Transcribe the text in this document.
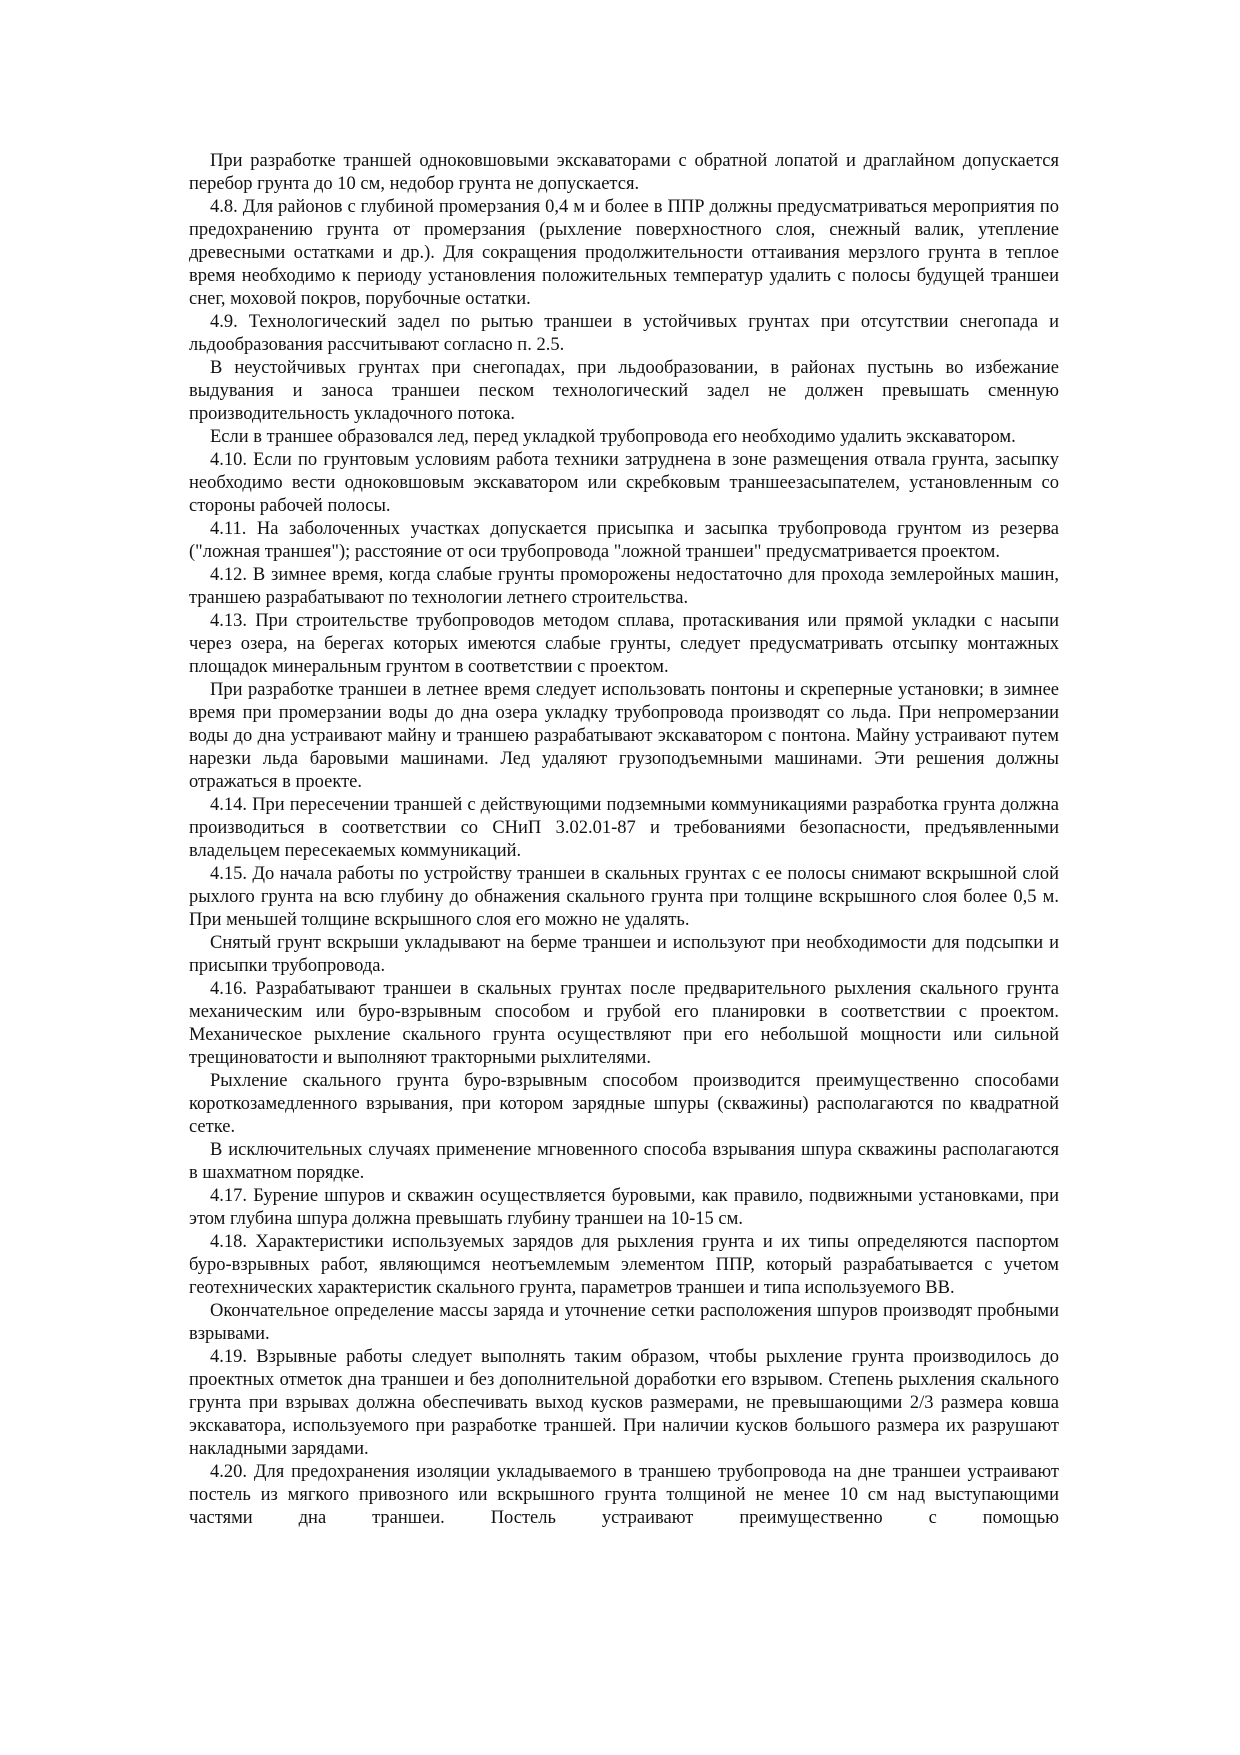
При разработке траншей одноковшовыми экскаваторами с обратной лопатой и драглайном допускается перебор грунта до 10 см, недобор грунта не допускается.

4.8. Для районов с глубиной промерзания 0,4 м и более в ППР должны предусматриваться мероприятия по предохранению грунта от промерзания (рыхление поверхностного слоя, снежный валик, утепление древесными остатками и др.). Для сокращения продолжительности оттаивания мерзлого грунта в теплое время необходимо к периоду установления положительных температур удалить с полосы будущей траншеи снег, моховой покров, порубочные остатки.

4.9. Технологический задел по рытью траншеи в устойчивых грунтах при отсутствии снегопада и льдообразования рассчитывают согласно п. 2.5.

В неустойчивых грунтах при снегопадах, при льдообразовании, в районах пустынь во избежание выдувания и заноса траншеи песком технологический задел не должен превышать сменную производительность укладочного потока.

Если в траншее образовался лед, перед укладкой трубопровода его необходимо удалить экскаватором.

4.10. Если по грунтовым условиям работа техники затруднена в зоне размещения отвала грунта, засыпку необходимо вести одноковшовым экскаватором или скребковым траншеезасыпателем, установленным со стороны рабочей полосы.

4.11. На заболоченных участках допускается присыпка и засыпка трубопровода грунтом из резерва ("ложная траншея"); расстояние от оси трубопровода "ложной траншеи" предусматривается проектом.

4.12. В зимнее время, когда слабые грунты проморожены недостаточно для прохода землеройных машин, траншею разрабатывают по технологии летнего строительства.

4.13. При строительстве трубопроводов методом сплава, протаскивания или прямой укладки с насыпи через озера, на берегах которых имеются слабые грунты, следует предусматривать отсыпку монтажных площадок минеральным грунтом в соответствии с проектом.

При разработке траншеи в летнее время следует использовать понтоны и скреперные установки; в зимнее время при промерзании воды до дна озера укладку трубопровода производят со льда. При непромерзании воды до дна устраивают майну и траншею разрабатывают экскаватором с понтона. Майну устраивают путем нарезки льда баровыми машинами. Лед удаляют грузоподъемными машинами. Эти решения должны отражаться в проекте.

4.14. При пересечении траншей с действующими подземными коммуникациями разработка грунта должна производиться в соответствии со СНиП 3.02.01-87 и требованиями безопасности, предъявленными владельцем пересекаемых коммуникаций.

4.15. До начала работы по устройству траншеи в скальных грунтах с ее полосы снимают вскрышной слой рыхлого грунта на всю глубину до обнажения скального грунта при толщине вскрышного слоя более 0,5 м. При меньшей толщине вскрышного слоя его можно не удалять.

Снятый грунт вскрыши укладывают на берме траншеи и используют при необходимости для подсыпки и присыпки трубопровода.

4.16. Разрабатывают траншеи в скальных грунтах после предварительного рыхления скального грунта механическим или буро-взрывным способом и грубой его планировки в соответствии с проектом. Механическое рыхление скального грунта осуществляют при его небольшой мощности или сильной трещиноватости и выполняют тракторными рыхлителями.

Рыхление скального грунта буро-взрывным способом производится преимущественно способами короткозамедленного взрывания, при котором зарядные шпуры (скважины) располагаются по квадратной сетке.

В исключительных случаях применение мгновенного способа взрывания шпура скважины располагаются в шахматном порядке.

4.17. Бурение шпуров и скважин осуществляется буровыми, как правило, подвижными установками, при этом глубина шпура должна превышать глубину траншеи на 10-15 см.

4.18. Характеристики используемых зарядов для рыхления грунта и их типы определяются паспортом буро-взрывных работ, являющимся неотъемлемым элементом ППР, который разрабатывается с учетом геотехнических характеристик скального грунта, параметров траншеи и типа используемого ВВ.

Окончательное определение массы заряда и уточнение сетки расположения шпуров производят пробными взрывами.

4.19. Взрывные работы следует выполнять таким образом, чтобы рыхление грунта производилось до проектных отметок дна траншеи и без дополнительной доработки его взрывом. Степень рыхления скального грунта при взрывах должна обеспечивать выход кусков размерами, не превышающими 2/3 размера ковша экскаватора, используемого при разработке траншей. При наличии кусков большого размера их разрушают накладными зарядами.

4.20. Для предохранения изоляции укладываемого в траншею трубопровода на дне траншеи устраивают постель из мягкого привозного или вскрышного грунта толщиной не менее 10 см над выступающими частями дна траншеи. Постель устраивают преимущественно с помощью
